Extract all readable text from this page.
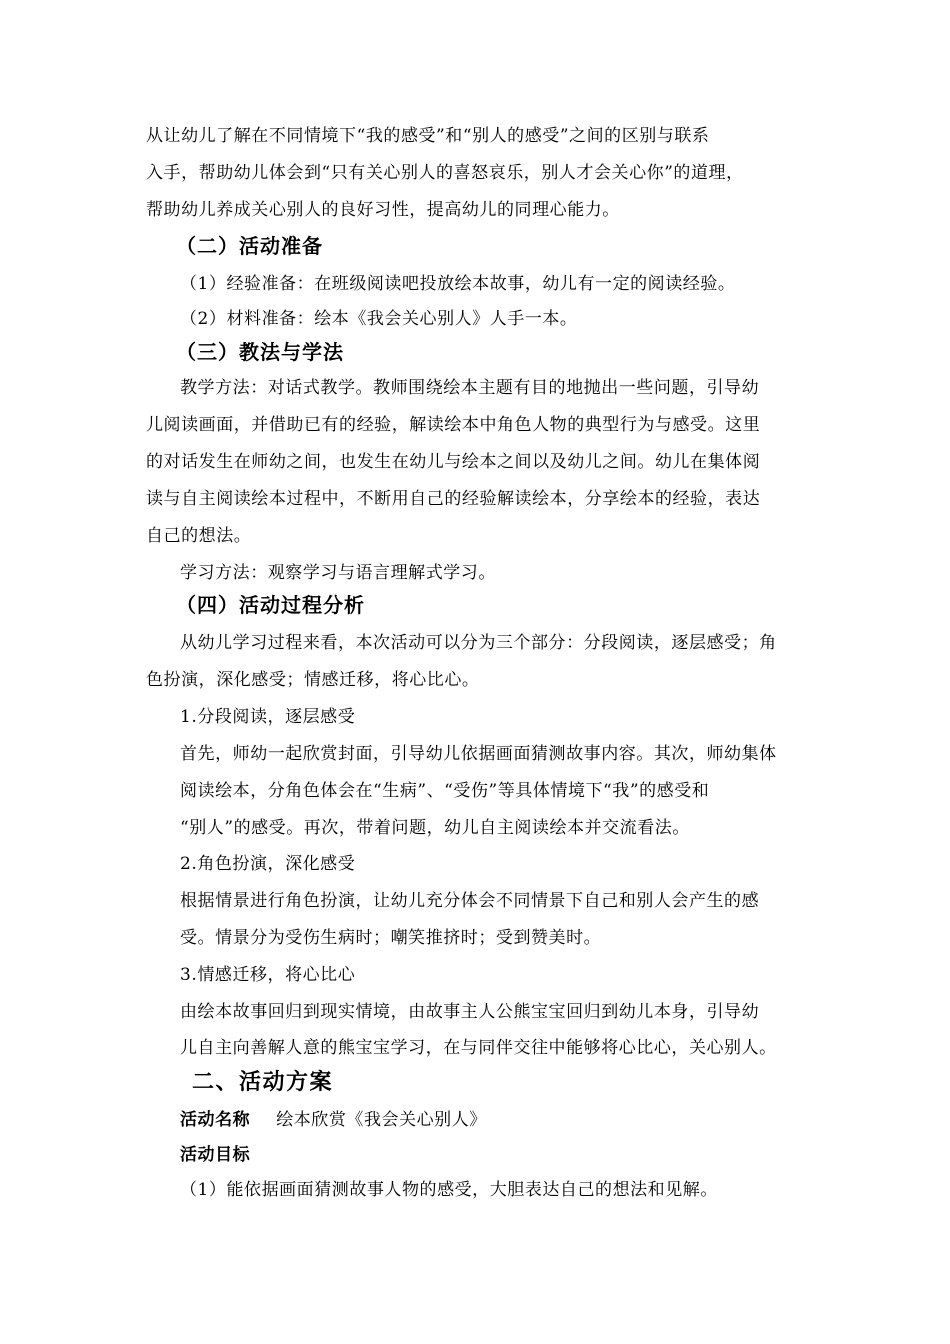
从让幼儿了解在不同情境下“我的感受”和“别人的感受”之间的区别与联系
入手，帮助幼儿体会到“只有关心别人的喜怒哀乐，别人才会关心你”的道理，
帮助幼儿养成关心别人的良好习性，提高幼儿的同理心能力。
（二）活动准备
（1）经验准备：在班级阅读吧投放绘本故事，幼儿有一定的阅读经验。
（2）材料准备：绘本《我会关心别人》人手一本。
（三）教法与学法
教学方法：对话式教学。教师围绕绘本主题有目的地抛出一些问题，引导幼
儿阅读画面，并借助已有的经验，解读绘本中角色人物的典型行为与感受。这里
的对话发生在师幼之间，也发生在幼儿与绘本之间以及幼儿之间。幼儿在集体阅
读与自主阅读绘本过程中，不断用自己的经验解读绘本，分享绘本的经验，表达
自己的想法。
学习方法：观察学习与语言理解式学习。
（四）活动过程分析
从幼儿学习过程来看，本次活动可以分为三个部分：分段阅读，逐层感受；角
色扮演，深化感受；情感迁移，将心比心。
1.分段阅读，逐层感受
首先，师幼一起欣赏封面，引导幼儿依据画面猜测故事内容。其次，师幼集体
阅读绘本，分角色体会在“生病”、“受伤”等具体情境下“我”的感受和
“别人”的感受。再次，带着问题，幼儿自主阅读绘本并交流看法。
2.角色扮演，深化感受
根据情景进行角色扮演，让幼儿充分体会不同情景下自己和别人会产生的感
受。情景分为受伤生病时；嘲笑推挤时；受到赞美时。
3.情感迁移，将心比心
由绘本故事回归到现实情境，由故事主人公熊宝宝回归到幼儿本身，引导幼
儿自主向善解人意的熊宝宝学习，在与同伴交往中能够将心比心，关心别人。
二、活动方案
活动名称 绘本欣赏《我会关心别人》
活动目标
（1）能依据画面猜测故事人物的感受，大胆表达自己的想法和见解。
